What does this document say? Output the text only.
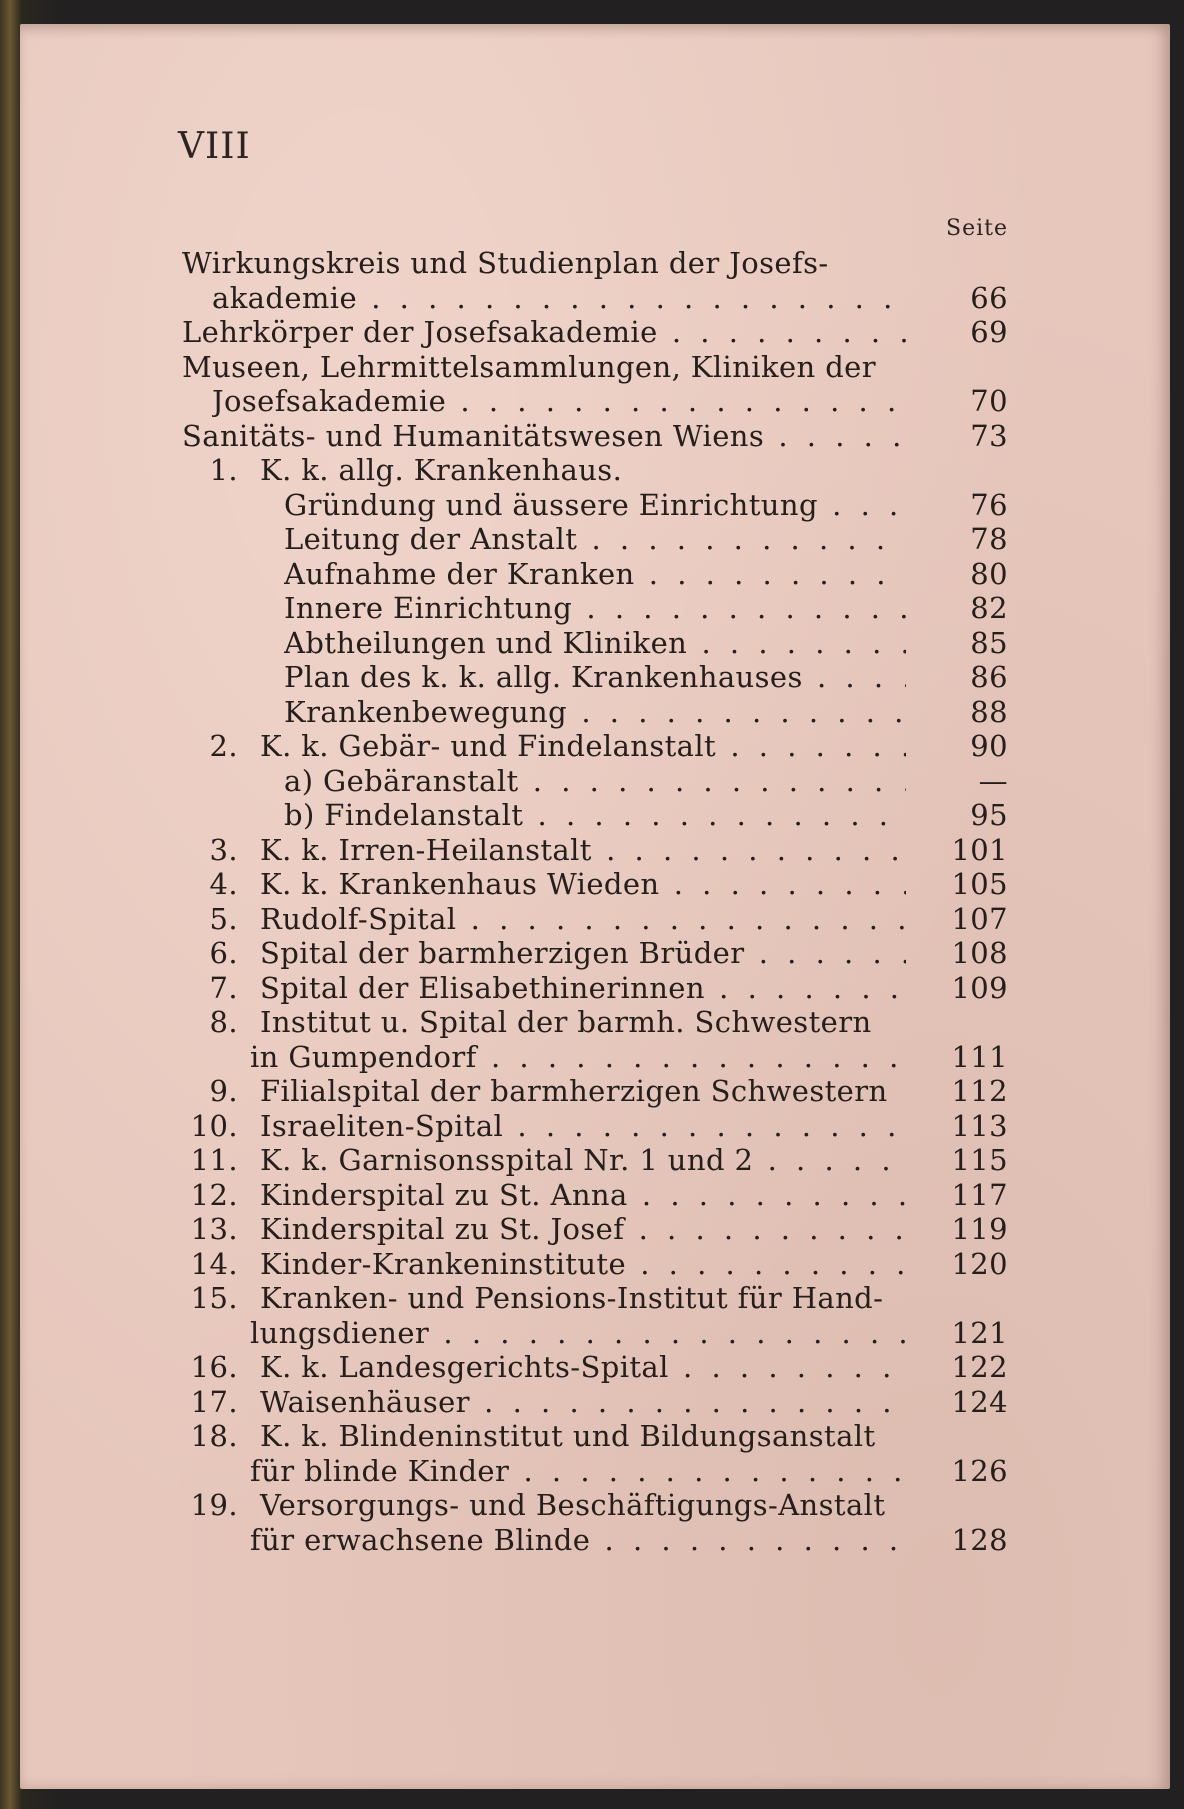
VIII
Seite
Wirkungskreis und Studienplan der Josefs-
akademie . . .	66
Lehrkörper der Josefsakademie . . .	69
Museen, Lehrmittelsammlungen, Kliniken der
Josefsakademie . . .	70
Sanitäts- und Humanitätswesen Wiens . . .	73
1. K. k. allg. Krankenhaus.
Gründung und äussere Einrichtung . . .	76
Leitung der Anstalt . . .	78
Aufnahme der Kranken . . .	80
Innere Einrichtung . . .	82
Abtheilungen und Kliniken . . .	85
Plan des k. k. allg. Krankenhauses . . .	86
Krankenbewegung . . .	88
2. K. k. Gebär- und Findelanstalt . . .	90
a) Gebäranstalt . . .	—
b) Findelanstalt . . .	95
3. K. k. Irren-Heilanstalt . . .	101
4. K. k. Krankenhaus Wieden . . .	105
5. Rudolf-Spital . . .	107
6. Spital der barmherzigen Brüder . . .	108
7. Spital der Elisabethinerinnen . . .	109
8. Institut u. Spital der barmh. Schwestern
in Gumpendorf . . .	111
9. Filialspital der barmherzigen Schwestern	112
10. Israeliten-Spital . . .	113
11. K. k. Garnisonsspital Nr. 1 und 2 . . .	115
12. Kinderspital zu St. Anna . . .	117
13. Kinderspital zu St. Josef . . .	119
14. Kinder-Krankeninstitute . . .	120
15. Kranken- und Pensions-Institut für Hand-
lungsdiener . . .	121
16. K. k. Landesgerichts-Spital . . .	122
17. Waisenhäuser . . .	124
18. K. k. Blindeninstitut und Bildungsanstalt
für blinde Kinder . . .	126
19. Versorgungs- und Beschäftigungs-Anstalt
für erwachsene Blinde . . .	128
